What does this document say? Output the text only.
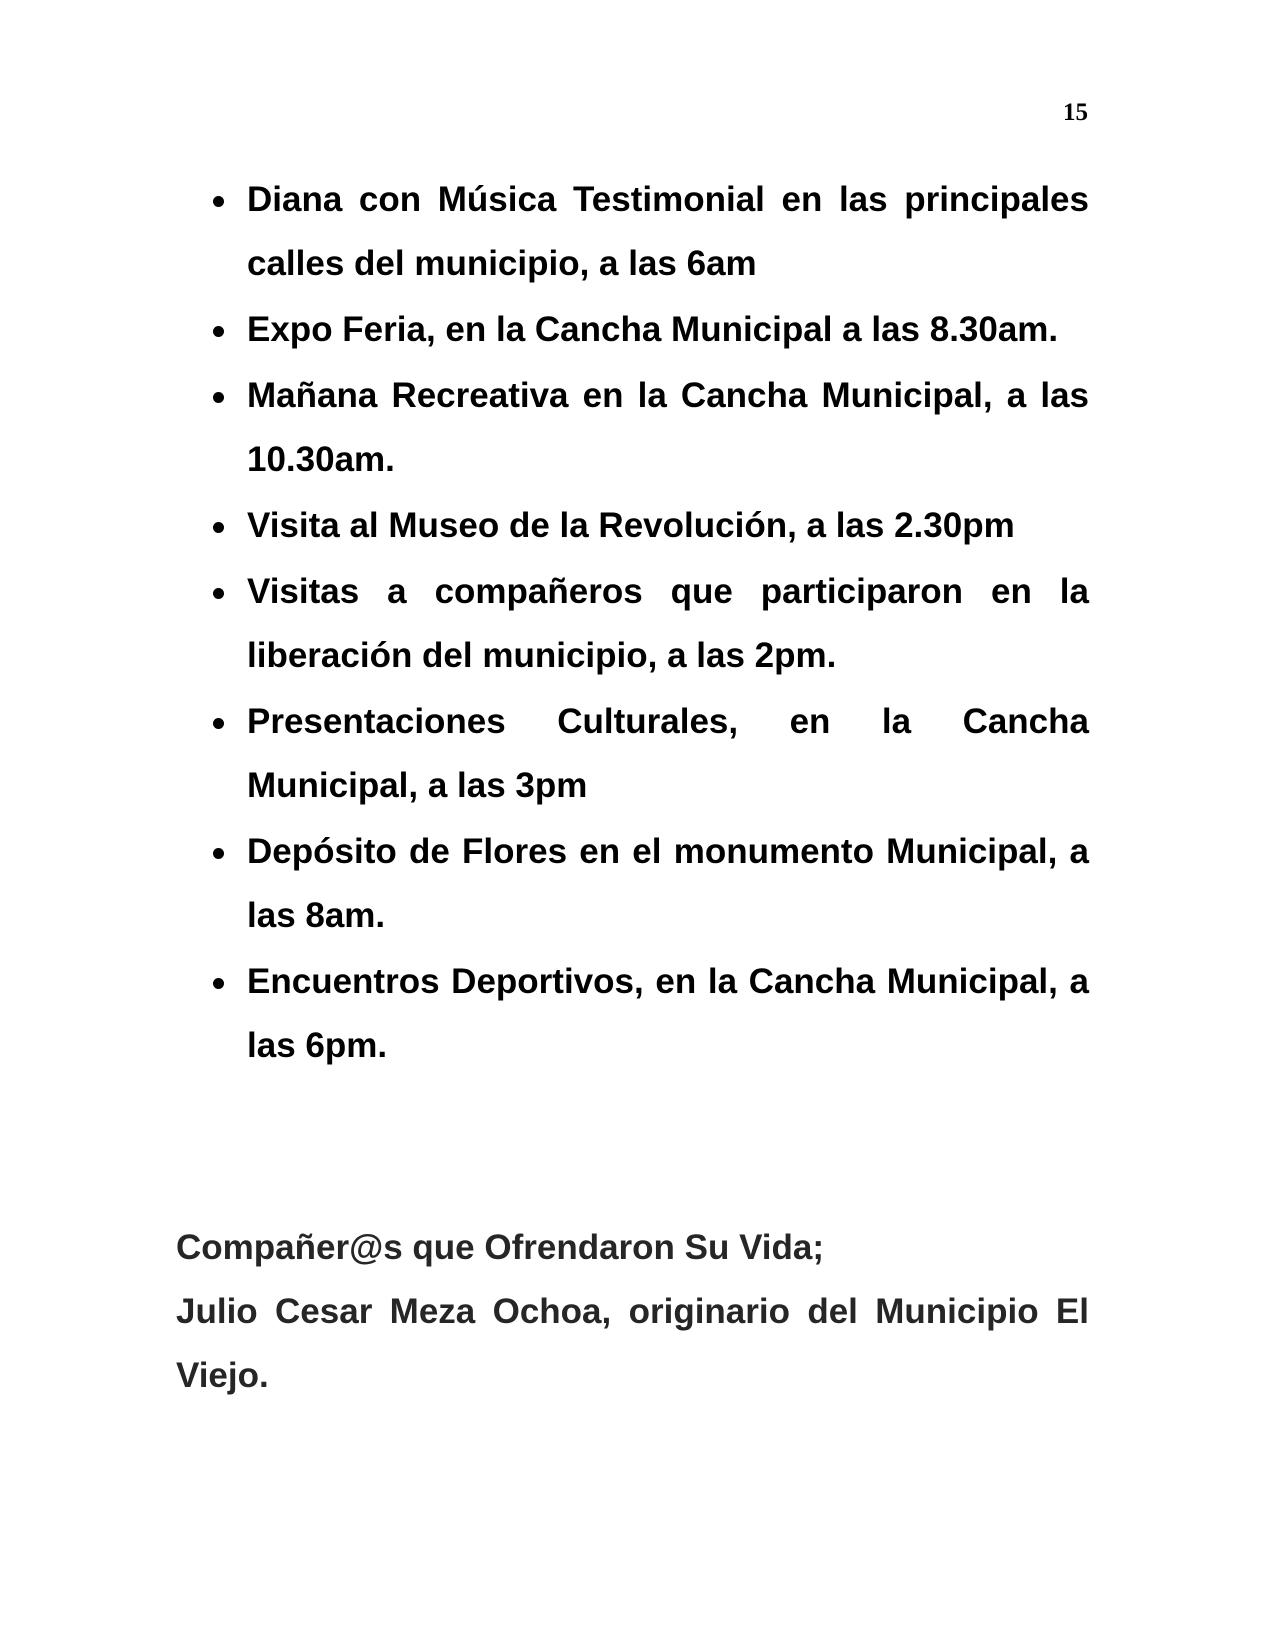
15
Diana con Música Testimonial en las principales calles del municipio, a las 6am
Expo Feria, en la Cancha Municipal a las 8.30am.
Mañana Recreativa en la Cancha Municipal, a las 10.30am.
Visita al Museo de la Revolución, a las 2.30pm
Visitas a compañeros que participaron en la liberación del municipio, a las 2pm.
Presentaciones Culturales, en la Cancha Municipal, a las 3pm
Depósito de Flores en el monumento Municipal, a las 8am.
Encuentros Deportivos, en la Cancha Municipal, a las 6pm.

Compañer@s que Ofrendaron Su Vida;

Julio Cesar Meza Ochoa, originario del Municipio El Viejo.
